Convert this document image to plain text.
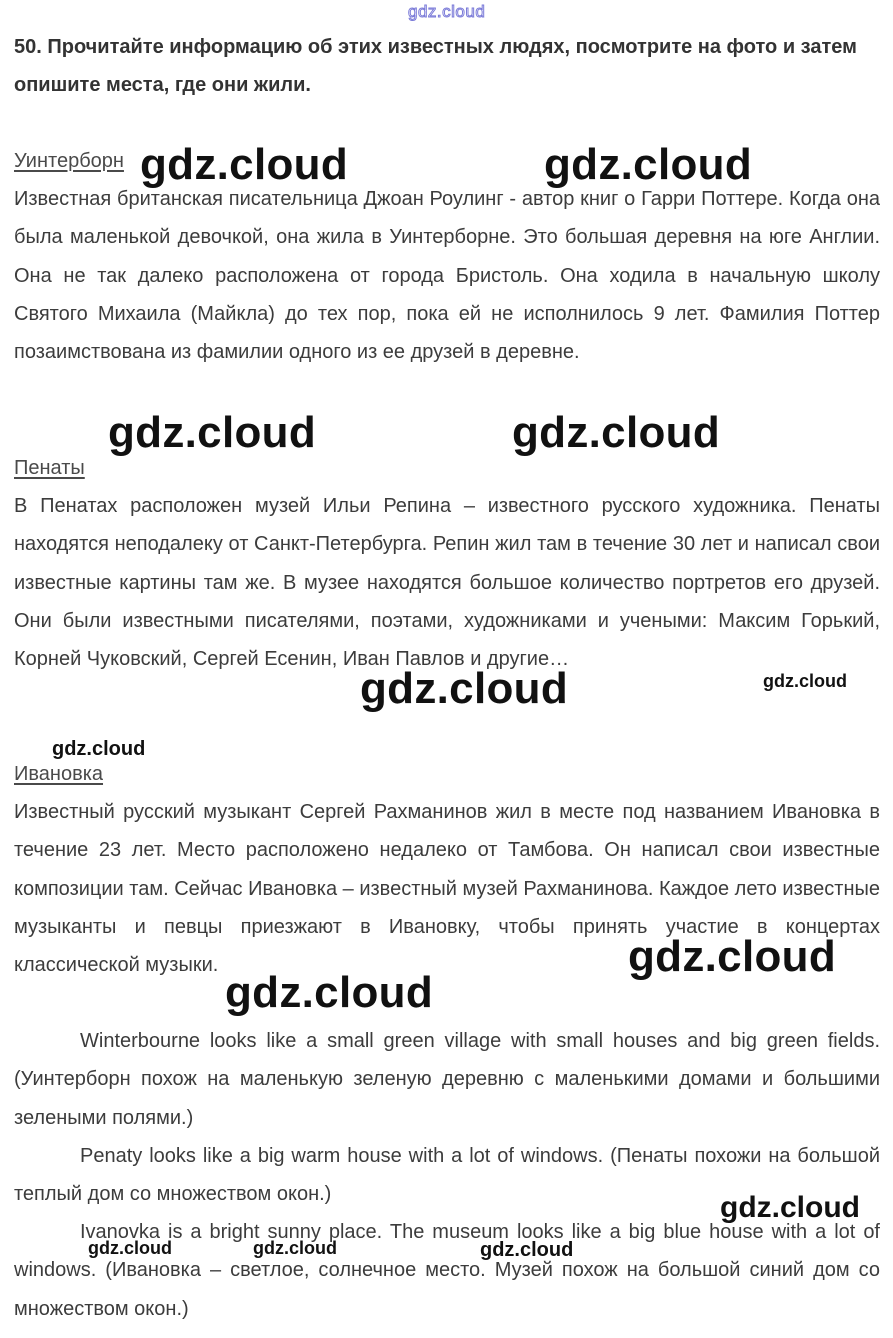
gdz.cloud
50. Прочитайте информацию об этих известных людях, посмотрите на фото и затем опишите места, где они жили.
Уинтерборн
Известная британская писательница Джоан Роулинг - автор книг о Гарри Поттере. Когда она была маленькой девочкой, она жила в Уинтерборне. Это большая деревня на юге Англии. Она не так далеко расположена от города Бристоль. Она ходила в начальную школу Святого Михаила (Майкла) до тех пор, пока ей не исполнилось 9 лет. Фамилия Поттер позаимствована из фамилии одного из ее друзей в деревне.
Пенаты
В Пенатах расположен музей Ильи Репина – известного русского художника. Пенаты находятся неподалеку от Санкт-Петербурга. Репин жил там в течение 30 лет и написал свои известные картины там же. В музее находятся большое количество портретов его друзей. Они были известными писателями, поэтами, художниками и учеными: Максим Горький, Корней Чуковский, Сергей Есенин, Иван Павлов и другие…
Ивановка
Известный русский музыкант Сергей Рахманинов жил в месте под названием Ивановка в течение 23 лет. Место расположено недалеко от Тамбова. Он написал свои известные композиции там. Сейчас Ивановка – известный музей Рахманинова. Каждое лето известные музыканты и певцы приезжают в Ивановку, чтобы принять участие в концертах классической музыки.
Winterbourne looks like a small green village with small houses and big green fields. (Уинтерборн похож на маленькую зеленую деревню с маленькими домами и большими зелеными полями.)
Penaty looks like a big warm house with a lot of windows. (Пенаты похожи на большой теплый дом со множеством окон.)
Ivanovka is a bright sunny place. The museum looks like a big blue house with a lot of windows. (Ивановка – светлое, солнечное место. Музей похож на большой синий дом со множеством окон.)
gdz.cloud	gdz.cloud
gdz.cloud	gdz.cloud
gdz.cloud	gdz.cloud
gdz.cloud
gdz.cloud
gdz.cloud
gdz.cloud
gdz.cloud	gdz.cloud	gdz.cloud
